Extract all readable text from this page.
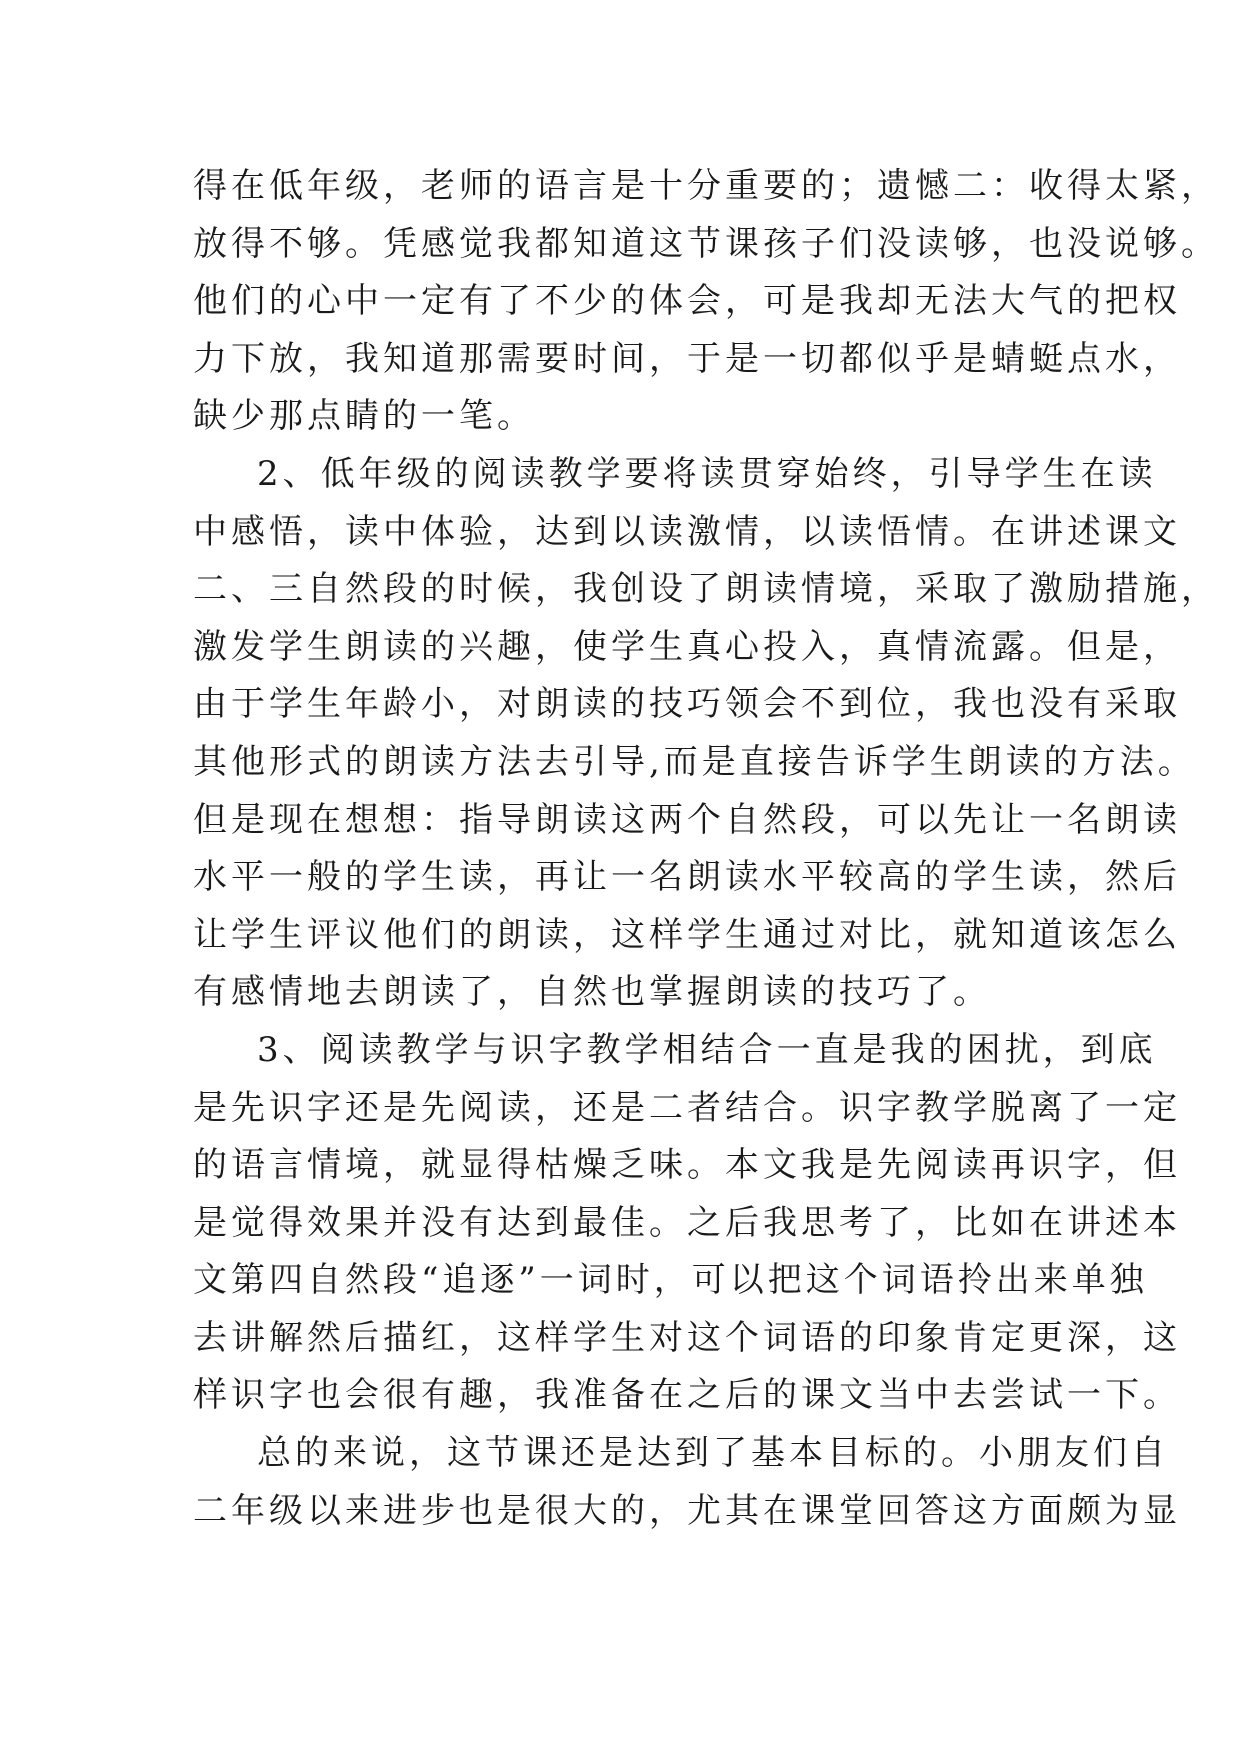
得在低年级，老师的语言是十分重要的；遗憾二：收得太紧，
放得不够。凭感觉我都知道这节课孩子们没读够，也没说够。
他们的心中一定有了不少的体会，可是我却无法大气的把权
力下放，我知道那需要时间，于是一切都似乎是蜻蜓点水，
缺少那点睛的一笔。
2、低年级的阅读教学要将读贯穿始终，引导学生在读
中感悟，读中体验，达到以读激情，以读悟情。在讲述课文
二、三自然段的时候，我创设了朗读情境，采取了激励措施，
激发学生朗读的兴趣，使学生真心投入，真情流露。但是，
由于学生年龄小，对朗读的技巧领会不到位，我也没有采取
其他形式的朗读方法去引导,而是直接告诉学生朗读的方法。
但是现在想想：指导朗读这两个自然段，可以先让一名朗读
水平一般的学生读，再让一名朗读水平较高的学生读，然后
让学生评议他们的朗读，这样学生通过对比，就知道该怎么
有感情地去朗读了，自然也掌握朗读的技巧了。
3、阅读教学与识字教学相结合一直是我的困扰，到底
是先识字还是先阅读，还是二者结合。识字教学脱离了一定
的语言情境，就显得枯燥乏味。本文我是先阅读再识字，但
是觉得效果并没有达到最佳。之后我思考了，比如在讲述本
文第四自然段“追逐”一词时，可以把这个词语拎出来单独
去讲解然后描红，这样学生对这个词语的印象肯定更深，这
样识字也会很有趣，我准备在之后的课文当中去尝试一下。
总的来说，这节课还是达到了基本目标的。小朋友们自
二年级以来进步也是很大的，尤其在课堂回答这方面颇为显
